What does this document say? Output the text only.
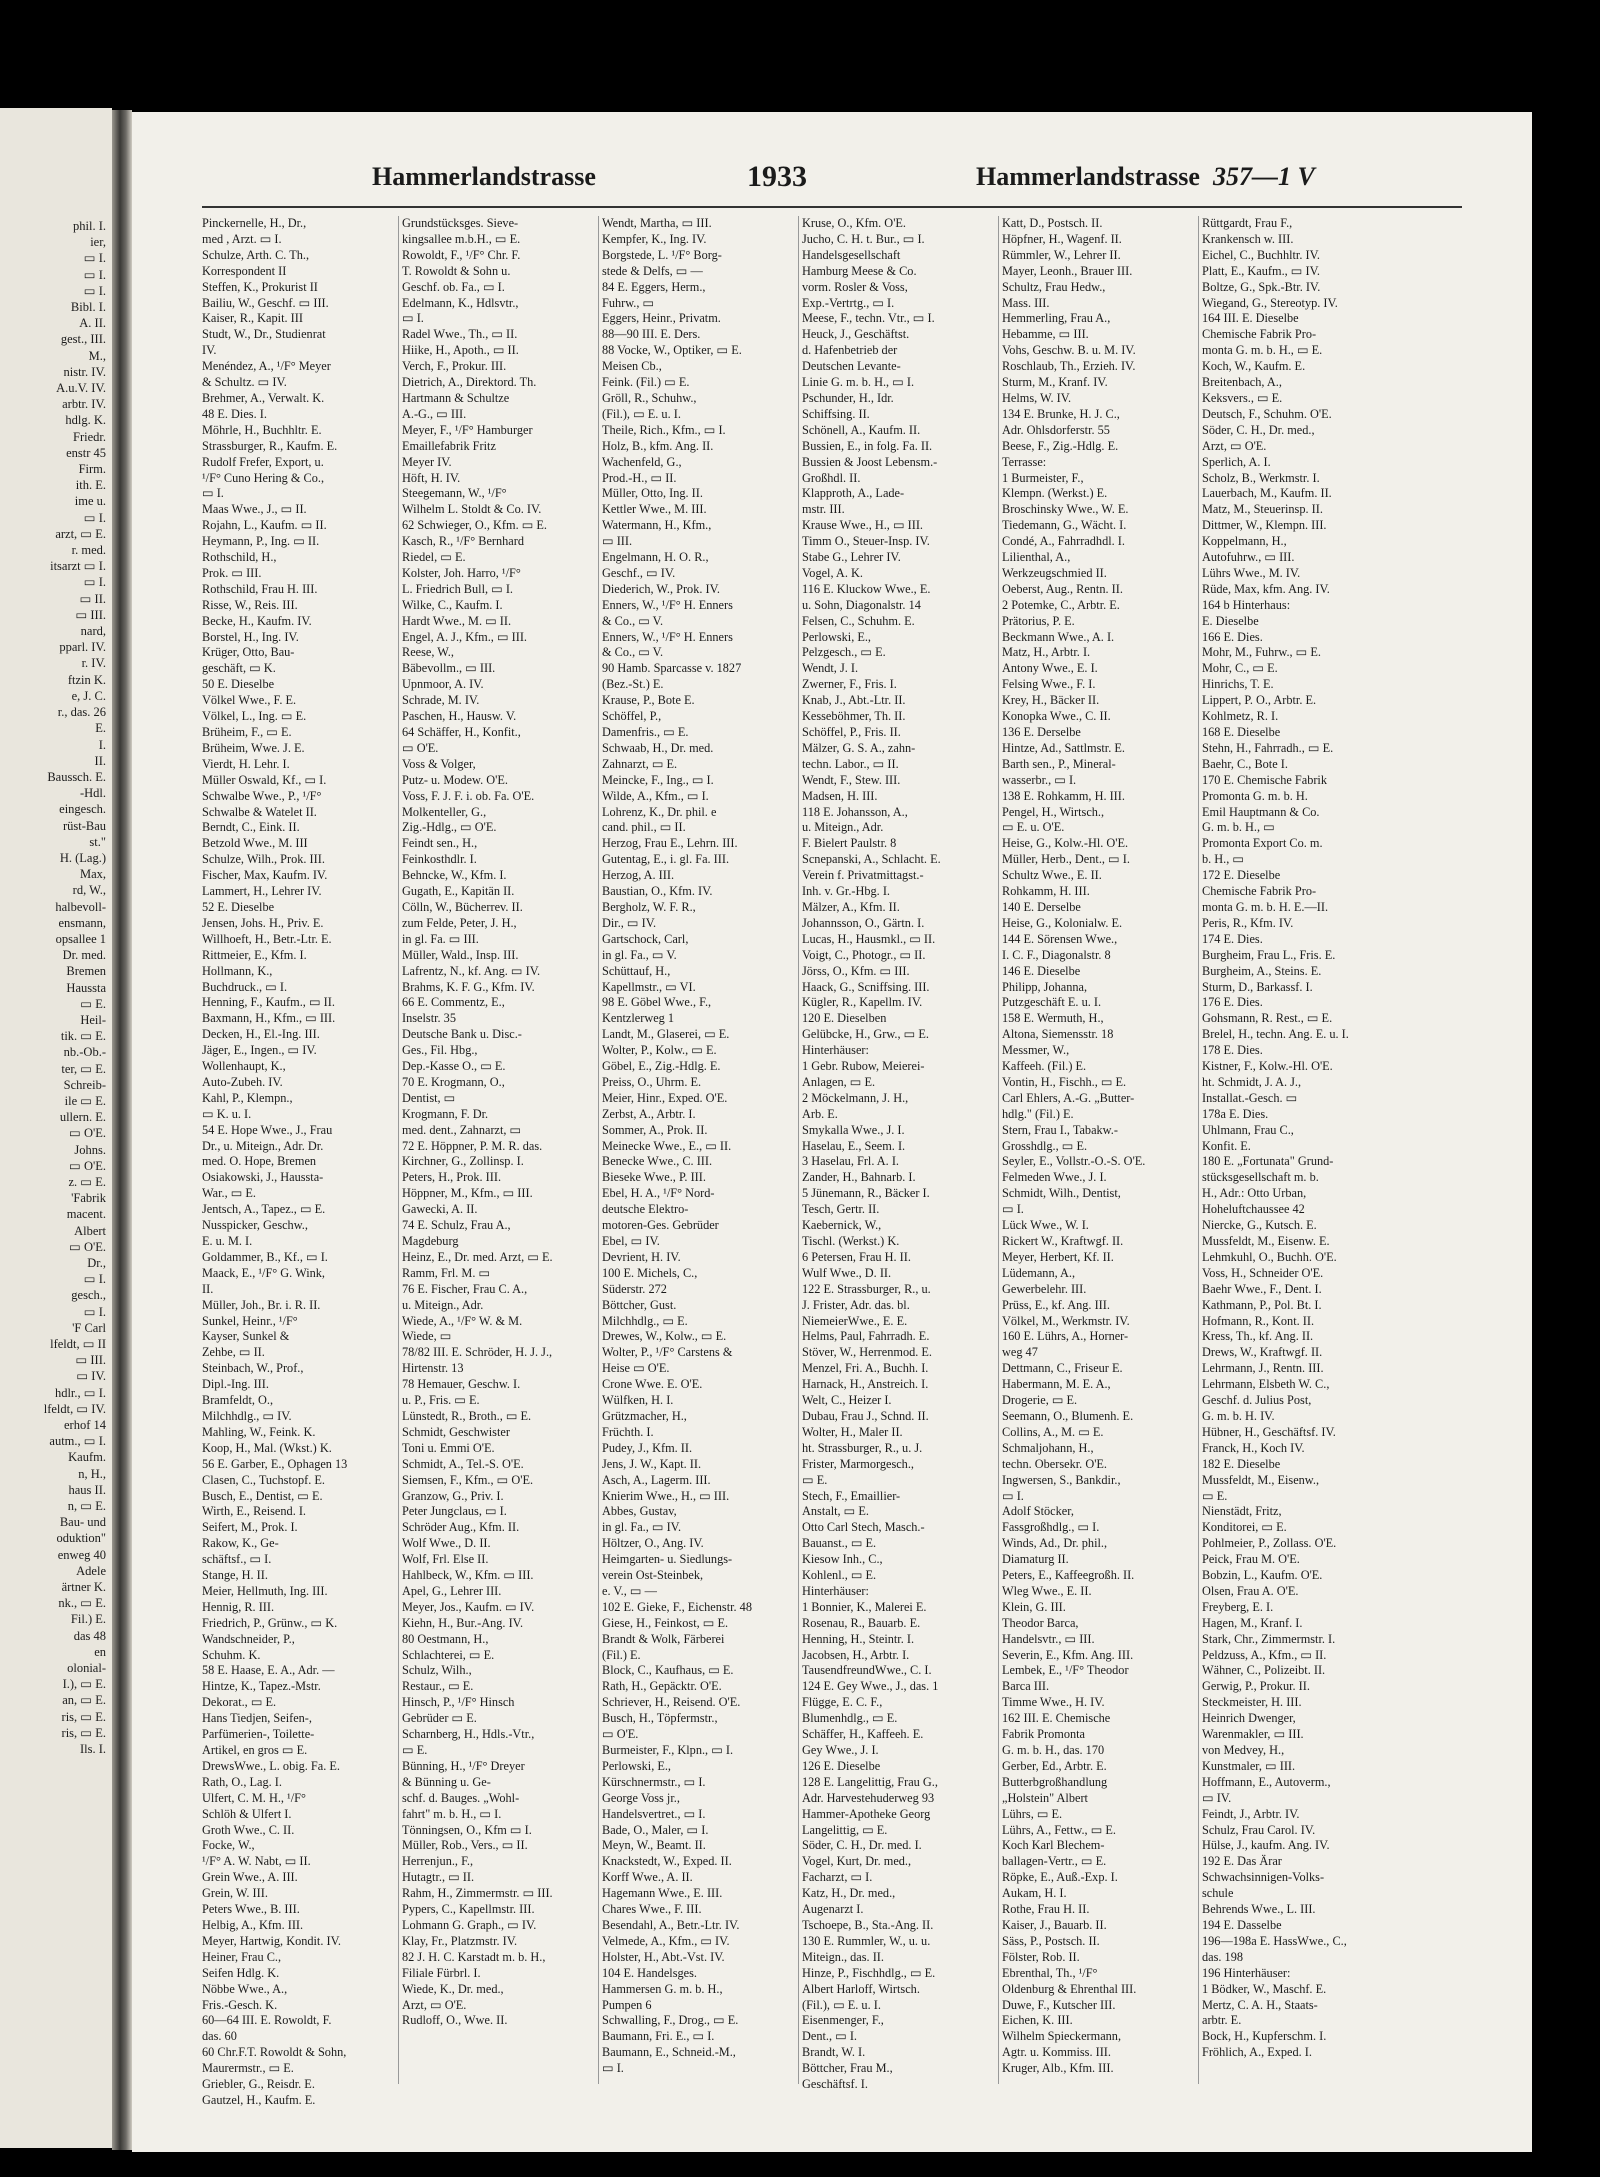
phil. I.
ier,
▭ I.
▭ I.
▭ I.
Bibl. I.
A. II.
gest., III.
M.,
nistr. IV.
A.u.V. IV.
arbtr. IV.
hdlg. K.
Friedr.
enstr 45
Firm.
ith. E.
ime u.
▭ I.
arzt, ▭ E.
r. med.
itsarzt ▭ I.
▭ I.
▭ II.
▭ III.
nard,
pparl. IV.
r. IV.
ftzin K.
e, J. C.
r., das. 26
E.
I.
II.
Baussch. E.
-Hdl.
eingesch.
rüst-Bau
st."
H. (Lag.)
Max,
rd, W.,
halbevoll-
ensmann,
opsallee 1
Dr. med.
Bremen
Haussta
▭ E.
Heil-
tik. ▭ E.
nb.-Ob.-
ter, ▭ E.
Schreib-
ile ▭ E.
ullern. E.
▭ O'E.
Johns.
▭ O'E.
z. ▭ E.
'Fabrik
macent.
Albert
▭ O'E.
Dr.,
▭ I.
gesch.,
▭ I.
'F Carl
lfeldt, ▭ II
▭ III.
▭ IV.
hdlr., ▭ I.
lfeldt, ▭ IV.
erhof 14
autm., ▭ I.
Kaufm.
n, H.,
haus II.
n, ▭ E.
Bau- und
oduktion"
enweg 40
Adele
ärtner K.
nk., ▭ E.
Fil.) E.
das 48
en
olonial-
I.), ▭ E.
an, ▭ E.
ris, ▭ E.
ris, ▭ E.
Ils. I.
Hammerlandstrasse	1933	Hammerlandstrasse 357—1 V
Pinckernelle, H., Dr.,
med , Arzt. ▭ I.
Schulze, Arth. C. Th.,
Korrespondent II
Steffen, K., Prokurist II
Bailiu, W., Geschf. ▭ III.
Kaiser, R., Kapit. III
Studt, W., Dr., Studienrat
IV.
Menéndez, A., ¹/F° Meyer
& Schultz. ▭ IV.
Brehmer, A., Verwalt. K.
48 E. Dies. I.
Möhrle, H., Buchhltr. E.
Strassburger, R., Kaufm. E.
Rudolf Frefer, Export, u.
¹/F° Cuno Hering & Co.,
▭ I.
Maas Wwe., J., ▭ II.
Rojahn, L., Kaufm. ▭ II.
Heymann, P., Ing. ▭ II.
Rothschild, H.,
Prok. ▭ III.
Rothschild, Frau H. III.
Risse, W., Reis. III.
Becke, H., Kaufm. IV.
Borstel, H., Ing. IV.
Krüger, Otto, Bau-
geschäft, ▭ K.
50 E. Dieselbe
Völkel Wwe., F. E.
Völkel, L., Ing. ▭ E.
Brüheim, F., ▭ E.
Brüheim, Wwe. J. E.
Vierdt, H. Lehr. I.
Müller Oswald, Kf., ▭ I.
Schwalbe Wwe., P., ¹/F°
Schwalbe & Watelet II.
Berndt, C., Eink. II.
Betzold Wwe., M. III
Schulze, Wilh., Prok. III.
Fischer, Max, Kaufm. IV.
Lammert, H., Lehrer IV.
52 E. Dieselbe
Jensen, Johs. H., Priv. E.
Willhoeft, H., Betr.-Ltr. E.
Rittmeier, E., Kfm. I.
Hollmann, K.,
Buchdruck., ▭ I.
Henning, F., Kaufm., ▭ II.
Baxmann, H., Kfm., ▭ III.
Decken, H., El.-Ing. III.
Jäger, E., Ingen., ▭ IV.
Wollenhaupt, K.,
Auto-Zubeh. IV.
Kahl, P., Klempn.,
▭ K. u. I.
54 E. Hope Wwe., J., Frau
Dr., u. Miteign., Adr. Dr.
med. O. Hope, Bremen
Osiakowski, J., Haussta-
War., ▭ E.
Jentsch, A., Tapez., ▭ E.
Nusspicker, Geschw.,
E. u. M. I.
Goldammer, B., Kf., ▭ I.
Maack, E., ¹/F° G. Wink,
II.
Müller, Joh., Br. i. R. II.
Sunkel, Heinr., ¹/F°
Kayser, Sunkel &
Zehbe, ▭ II.
Steinbach, W., Prof.,
Dipl.-Ing. III.
Bramfeldt, O.,
Milchhdlg., ▭ IV.
Mahling, W., Feink. K.
Koop, H., Mal. (Wkst.) K.
56 E. Garber, E., Ophagen 13
Clasen, C., Tuchstopf. E.
Busch, E., Dentist, ▭ E.
Wirth, E., Reisend. I.
Seifert, M., Prok. I.
Rakow, K., Ge-
schäftsf., ▭ I.
Stange, H. II.
Meier, Hellmuth, Ing. III.
Hennig, R. III.
Friedrich, P., Grünw., ▭ K.
Wandschneider, P.,
Schuhm. K.
58 E. Haase, E. A., Adr. —
Hintze, K., Tapez.-Mstr.
Dekorat., ▭ E.
Hans Tiedjen, Seifen-,
Parfümerien-, Toilette-
Artikel, en gros ▭ E.
DrewsWwe., L. obig. Fa. E.
Rath, O., Lag. I.
Ulfert, C. M. H., ¹/F°
Schlöh & Ulfert I.
Groth Wwe., C. II.
Focke, W.,
¹/F° A. W. Nabt, ▭ II.
Grein Wwe., A. III.
Grein, W. III.
Peters Wwe., B. III.
Helbig, A., Kfm. III.
Meyer, Hartwig, Kondit. IV.
Heiner, Frau C.,
Seifen Hdlg. K.
Nöbbe Wwe., A.,
Fris.-Gesch. K.
60—64 III. E. Rowoldt, F.
das. 60
60 Chr.F.T. Rowoldt & Sohn,
Maurermstr., ▭ E.
Griebler, G., Reisdr. E.
Gautzel, H., Kaufm. E.
Grundstücksges. Sieve-
kingsallee m.b.H., ▭ E.
Rowoldt, F., ¹/F° Chr. F.
T. Rowoldt & Sohn u.
Geschf. ob. Fa., ▭ I.
Edelmann, K., Hdlsvtr.,
▭ I.
Radel Wwe., Th., ▭ II.
Hiike, H., Apoth., ▭ II.
Verch, F., Prokur. III.
Dietrich, A., Direktord. Th.
Hartmann & Schultze
A.-G., ▭ III.
Meyer, F., ¹/F° Hamburger
Emaillefabrik Fritz
Meyer IV.
Höft, H. IV.
Steegemann, W., ¹/F°
Wilhelm L. Stoldt & Co. IV.
62 Schwieger, O., Kfm. ▭ E.
Kasch, R., ¹/F° Bernhard
Riedel, ▭ E.
Kolster, Joh. Harro, ¹/F°
L. Friedrich Bull, ▭ I.
Wilke, C., Kaufm. I.
Hardt Wwe., M. ▭ II.
Engel, A. J., Kfm., ▭ III.
Reese, W.,
Bäbevollm., ▭ III.
Upnmoor, A. IV.
Schrade, M. IV.
Paschen, H., Hausw. V.
64 Schäffer, H., Konfit.,
▭ O'E.
Voss & Volger,
Putz- u. Modew. O'E.
Voss, F. J. F. i. ob. Fa. O'E.
Molkenteller, G.,
Zig.-Hdlg., ▭ O'E.
Feindt sen., H.,
Feinkosthdlr. I.
Behncke, W., Kfm. I.
Gugath, E., Kapitän II.
Cölln, W., Bücherrev. II.
zum Felde, Peter, J. H.,
in gl. Fa. ▭ III.
Müller, Wald., Insp. III.
Lafrentz, N., kf. Ang. ▭ IV.
Brahms, K. F. G., Kfm. IV.
66 E. Commentz, E.,
Inselstr. 35
Deutsche Bank u. Disc.-
Ges., Fil. Hbg.,
Dep.-Kasse O., ▭ E.
70 E. Krogmann, O.,
Dentist, ▭
Krogmann, F. Dr.
med. dent., Zahnarzt, ▭
72 E. Höppner, P. M. R. das.
Kirchner, G., Zollinsp. I.
Peters, H., Prok. III.
Höppner, M., Kfm., ▭ III.
Gawecki, A. II.
74 E. Schulz, Frau A.,
Magdeburg
Heinz, E., Dr. med. Arzt, ▭ E.
Ramm, Frl. M. ▭
76 E. Fischer, Frau C. A.,
u. Miteign., Adr.
Wiede, A., ¹/F° W. & M.
Wiede, ▭
78/82 III. E. Schröder, H. J. J.,
Hirtenstr. 13
78 Hemauer, Geschw. I.
u. P., Fris. ▭ E.
Lünstedt, R., Broth., ▭ E.
Schmidt, Geschwister
Toni u. Emmi O'E.
Schmidt, A., Tel.-S. O'E.
Siemsen, F., Kfm., ▭ O'E.
Granzow, G., Priv. I.
Peter Jungclaus, ▭ I.
Schröder Aug., Kfm. II.
Wolf Wwe., D. II.
Wolf, Frl. Else II.
Hahlbeck, W., Kfm. ▭ III.
Apel, G., Lehrer III.
Meyer, Jos., Kaufm. ▭ IV.
Kiehn, H., Bur.-Ang. IV.
80 Oestmann, H.,
Schlachterei, ▭ E.
Schulz, Wilh.,
Restaur., ▭ E.
Hinsch, P., ¹/F° Hinsch
Gebrüder ▭ E.
Scharnberg, H., Hdls.-Vtr.,
▭ E.
Bünning, H., ¹/F° Dreyer
& Bünning u. Ge-
schf. d. Bauges. „Wohl-
fahrt" m. b. H., ▭ I.
Tönningsen, O., Kfm ▭ I.
Müller, Rob., Vers., ▭ II.
Herrenjun., F.,
Hutagtr., ▭ II.
Rahm, H., Zimmermstr. ▭ III.
Pypers, C., Kapellmstr. III.
Lohmann G. Graph., ▭ IV.
Klay, Fr., Platzmstr. IV.
82 J. H. C. Karstadt m. b. H.,
Filiale Fürbrl. I.
Wiede, K., Dr. med.,
Arzt, ▭ O'E.
Rudloff, O., Wwe. II.
Wendt, Martha, ▭ III.
Kempfer, K., Ing. IV.
Borgstede, L. ¹/F° Borg-
stede & Delfs, ▭ —
84 E. Eggers, Herm.,
Fuhrw., ▭
Eggers, Heinr., Privatm.
88—90 III. E. Ders.
88 Vocke, W., Optiker, ▭ E.
Meisen Cb.,
Feink. (Fil.) ▭ E.
Gröll, R., Schuhw.,
(Fil.), ▭ E. u. I.
Theile, Rich., Kfm., ▭ I.
Holz, B., kfm. Ang. II.
Wachenfeld, G.,
Prod.-H., ▭ II.
Müller, Otto, Ing. II.
Kettler Wwe., M. III.
Watermann, H., Kfm.,
▭ III.
Engelmann, H. O. R.,
Geschf., ▭ IV.
Diederich, W., Prok. IV.
Enners, W., ¹/F° H. Enners
& Co., ▭ V.
Enners, W., ¹/F° H. Enners
& Co., ▭ V.
90 Hamb. Sparcasse v. 1827
(Bez.-St.) E.
Krause, P., Bote E.
Schöffel, P.,
Damenfris., ▭ E.
Schwaab, H., Dr. med.
Zahnarzt, ▭ E.
Meincke, F., Ing., ▭ I.
Wilde, A., Kfm., ▭ I.
Lohrenz, K., Dr. phil. e
cand. phil., ▭ II.
Herzog, Frau E., Lehrn. III.
Gutentag, E., i. gl. Fa. III.
Herzog, A. III.
Baustian, O., Kfm. IV.
Bergholz, W. F. R.,
Dir., ▭ IV.
Gartschock, Carl,
in gl. Fa., ▭ V.
Schüttauf, H.,
Kapellmstr., ▭ VI.
98 E. Göbel Wwe., F.,
Kentzlerweg 1
Landt, M., Glaserei, ▭ E.
Wolter, P., Kolw., ▭ E.
Göbel, E., Zig.-Hdlg. E.
Preiss, O., Uhrm. E.
Meier, Hinr., Exped. O'E.
Zerbst, A., Arbtr. I.
Sommer, A., Prok. II.
Meinecke Wwe., E., ▭ II.
Benecke Wwe., C. III.
Bieseke Wwe., P. III.
Ebel, H. A., ¹/F° Nord-
deutsche Elektro-
motoren-Ges. Gebrüder
Ebel, ▭ IV.
Devrient, H. IV.
100 E. Michels, C.,
Süderstr. 272
Böttcher, Gust.
Milchhdlg., ▭ E.
Drewes, W., Kolw., ▭ E.
Wolter, P., ¹/F° Carstens &
Heise ▭ O'E.
Crone Wwe. E. O'E.
Wülfken, H. I.
Grützmacher, H.,
Früchth. I.
Pudey, J., Kfm. II.
Jens, J. W., Kapt. II.
Asch, A., Lagerm. III.
Knierim Wwe., H., ▭ III.
Abbes, Gustav,
in gl. Fa., ▭ IV.
Höltzer, O., Ang. IV.
Heimgarten- u. Siedlungs-
verein Ost-Steinbek,
e. V., ▭ —
102 E. Gieke, F., Eichenstr. 48
Giese, H., Feinkost, ▭ E.
Brandt & Wolk, Färberei
(Fil.) E.
Block, C., Kaufhaus, ▭ E.
Rath, H., Gepäcktr. O'E.
Schriever, H., Reisend. O'E.
Busch, H., Töpfermstr.,
▭ O'E.
Burmeister, F., Klpn., ▭ I.
Perlowski, E.,
Kürschnermstr., ▭ I.
George Voss jr.,
Handelsvertret., ▭ I.
Bade, O., Maler, ▭ I.
Meyn, W., Beamt. II.
Knackstedt, W., Exped. II.
Korff Wwe., A. II.
Hagemann Wwe., E. III.
Chares Wwe., F. III.
Besendahl, A., Betr.-Ltr. IV.
Velmede, A., Kfm., ▭ IV.
Holster, H., Abt.-Vst. IV.
104 E. Handelsges.
Hammersen G. m. b. H.,
Pumpen 6
Schwalling, F., Drog., ▭ E.
Baumann, Fri. E., ▭ I.
Baumann, E., Schneid.-M.,
▭ I.
Kruse, O., Kfm. O'E.
Jucho, C. H. t. Bur., ▭ I.
Handelsgesellschaft
Hamburg Meese & Co.
vorm. Rosler & Voss,
Exp.-Vertrtg., ▭ I.
Meese, F., techn. Vtr., ▭ I.
Heuck, J., Geschäftst.
d. Hafenbetrieb der
Deutschen Levante-
Linie G. m. b. H., ▭ I.
Pschunder, H., Idr.
Schiffsing. II.
Schönell, A., Kaufm. II.
Bussien, E., in folg. Fa. II.
Bussien & Joost Lebensm.-
Großhdl. II.
Klapproth, A., Lade-
mstr. III.
Krause Wwe., H., ▭ III.
Timm O., Steuer-Insp. IV.
Stabe G., Lehrer IV.
Vogel, A. K.
116 E. Kluckow Wwe., E.
u. Sohn, Diagonalstr. 14
Felsen, C., Schuhm. E.
Perlowski, E.,
Pelzgesch., ▭ E.
Wendt, J. I.
Zwerner, F., Fris. I.
Knab, J., Abt.-Ltr. II.
Kesseböhmer, Th. II.
Schöffel, P., Fris. II.
Mälzer, G. S. A., zahn-
techn. Labor., ▭ II.
Wendt, F., Stew. III.
Madsen, H. III.
118 E. Johansson, A.,
u. Miteign., Adr.
F. Bielert Paulstr. 8
Scnepanski, A., Schlacht. E.
Verein f. Privatmittagst.-
Inh. v. Gr.-Hbg. I.
Mälzer, A., Kfm. II.
Johannsson, O., Gärtn. I.
Lucas, H., Hausmkl., ▭ II.
Voigt, C., Photogr., ▭ II.
Jörss, O., Kfm. ▭ III.
Haack, G., Scniffsing. III.
Kügler, R., Kapellm. IV.
120 E. Dieselben
Gelübcke, H., Grw., ▭ E.
Hinterhäuser:
1 Gebr. Rubow, Meierei-
Anlagen, ▭ E.
2 Möckelmann, J. H.,
Arb. E.
Smykalla Wwe., J. I.
Haselau, E., Seem. I.
3 Haselau, Frl. A. I.
Zander, H., Bahnarb. I.
5 Jünemann, R., Bäcker I.
Tesch, Gertr. II.
Kaebernick, W.,
Tischl. (Werkst.) K.
6 Petersen, Frau H. II.
Wulf Wwe., D. II.
122 E. Strassburger, R., u.
J. Frister, Adr. das. bl.
NiemeierWwe., E. E.
Helms, Paul, Fahrradh. E.
Stöver, W., Herrenmod. E.
Menzel, Fri. A., Buchh. I.
Harnack, H., Anstreich. I.
Welt, C., Heizer I.
Dubau, Frau J., Schnd. II.
Wolter, H., Maler II.
ht. Strassburger, R., u. J.
Frister, Marmorgesch.,
▭ E.
Stech, F., Emaillier-
Anstalt, ▭ E.
Otto Carl Stech, Masch.-
Bauanst., ▭ E.
Kiesow Inh., C.,
Kohlenl., ▭ E.
Hinterhäuser:
1 Bonnier, K., Malerei E.
Rosenau, R., Bauarb. E.
Henning, H., Steintr. I.
Jacobsen, H., Arbtr. I.
TausendfreundWwe., C. I.
124 E. Gey Wwe., J., das. 1
Flügge, E. C. F.,
Blumenhdlg., ▭ E.
Schäffer, H., Kaffeeh. E.
Gey Wwe., J. I.
126 E. Dieselbe
128 E. Langelittig, Frau G.,
Adr. Harvestehuderweg 93
Hammer-Apotheke Georg
Langelittig, ▭ E.
Söder, C. H., Dr. med. I.
Vogel, Kurt, Dr. med.,
Facharzt, ▭ I.
Katz, H., Dr. med.,
Augenarzt I.
Tschoepe, B., Sta.-Ang. II.
130 E. Rummler, W., u. u.
Miteign., das. II.
Hinze, P., Fischhdlg., ▭ E.
Albert Harloff, Wirtsch.
(Fil.), ▭ E. u. I.
Eisenmenger, F.,
Dent., ▭ I.
Brandt, W. I.
Böttcher, Frau M.,
Geschäftsf. I.
Katt, D., Postsch. II.
Höpfner, H., Wagenf. II.
Rümmler, W., Lehrer II.
Mayer, Leonh., Brauer III.
Schultz, Frau Hedw.,
Mass. III.
Hemmerling, Frau A.,
Hebamme, ▭ III.
Vohs, Geschw. B. u. M. IV.
Roschlaub, Th., Erzieh. IV.
Sturm, M., Kranf. IV.
Helms, W. IV.
134 E. Brunke, H. J. C.,
Adr. Ohlsdorferstr. 55
Beese, F., Zig.-Hdlg. E.
Terrasse:
1 Burmeister, F.,
Klempn. (Werkst.) E.
Broschinsky Wwe., W. E.
Tiedemann, G., Wächt. I.
Condé, A., Fahrradhdl. I.
Lilienthal, A.,
Werkzeugschmied II.
Oeberst, Aug., Rentn. II.
2 Potemke, C., Arbtr. E.
Prätorius, P. E.
Beckmann Wwe., A. I.
Matz, H., Arbtr. I.
Antony Wwe., E. I.
Felsing Wwe., F. I.
Krey, H., Bäcker II.
Konopka Wwe., C. II.
136 E. Derselbe
Hintze, Ad., Sattlmstr. E.
Barth sen., P., Mineral-
wasserbr., ▭ I.
138 E. Rohkamm, H. III.
Pengel, H., Wirtsch.,
▭ E. u. O'E.
Heise, G., Kolw.-Hl. O'E.
Müller, Herb., Dent., ▭ I.
Schultz Wwe., E. II.
Rohkamm, H. III.
140 E. Derselbe
Heise, G., Kolonialw. E.
144 E. Sörensen Wwe.,
I. C. F., Diagonalstr. 8
146 E. Dieselbe
Philipp, Johanna,
Putzgeschäft E. u. I.
158 E. Wermuth, H.,
Altona, Siemensstr. 18
Messmer, W.,
Kaffeeh. (Fil.) E.
Vontin, H., Fischh., ▭ E.
Carl Ehlers, A.-G. „Butter-
hdlg." (Fil.) E.
Stern, Frau I., Tabakw.-
Grosshdlg., ▭ E.
Seyler, E., Vollstr.-O.-S. O'E.
Felmeden Wwe., J. I.
Schmidt, Wilh., Dentist,
▭ I.
Lück Wwe., W. I.
Rickert W., Kraftwgf. II.
Meyer, Herbert, Kf. II.
Lüdemann, A.,
Gewerbelehr. III.
Prüss, E., kf. Ang. III.
Völkel, M., Werkmstr. IV.
160 E. Lührs, A., Horner-
weg 47
Dettmann, C., Friseur E.
Habermann, M. E. A.,
Drogerie, ▭ E.
Seemann, O., Blumenh. E.
Collins, A., M. ▭ E.
Schmaljohann, H.,
techn. Obersekr. O'E.
Ingwersen, S., Bankdir.,
▭ I.
Adolf Stöcker,
Fassgroßhdlg., ▭ I.
Winds, Ad., Dr. phil.,
Diamaturg II.
Peters, E., Kaffeegroßh. II.
Wleg Wwe., E. II.
Klein, G. III.
Theodor Barca,
Handelsvtr., ▭ III.
Severin, E., Kfm. Ang. III.
Lembek, E., ¹/F° Theodor
Barca III.
Timme Wwe., H. IV.
162 III. E. Chemische
Fabrik Promonta
G. m. b. H., das. 170
Gerber, Ed., Arbtr. E.
Butterbgroßhandlung
„Holstein" Albert
Lührs, ▭ E.
Lührs, A., Fettw., ▭ E.
Koch Karl Blechem-
ballagen-Vertr., ▭ E.
Röpke, E., Auß.-Exp. I.
Aukam, H. I.
Rothe, Frau H. II.
Kaiser, J., Bauarb. II.
Säss, P., Postsch. II.
Fölster, Rob. II.
Ebrenthal, Th., ¹/F°
Oldenburg & Ehrenthal III.
Duwe, F., Kutscher III.
Eichen, K. III.
Wilhelm Spieckermann,
Agtr. u. Kommiss. III.
Kruger, Alb., Kfm. III.
Rüttgardt, Frau F.,
Krankensch w. III.
Eichel, C., Buchhltr. IV.
Platt, E., Kaufm., ▭ IV.
Boltze, G., Spk.-Btr. IV.
Wiegand, G., Stereotyp. IV.
164 III. E. Dieselbe
Chemische Fabrik Pro-
monta G. m. b. H., ▭ E.
Koch, W., Kaufm. E.
Breitenbach, A.,
Keksvers., ▭ E.
Deutsch, F., Schuhm. O'E.
Söder, C. H., Dr. med.,
Arzt, ▭ O'E.
Sperlich, A. I.
Scholz, B., Werkmstr. I.
Lauerbach, M., Kaufm. II.
Matz, M., Steuerinsp. II.
Dittmer, W., Klempn. III.
Koppelmann, H.,
Autofuhrw., ▭ III.
Lührs Wwe., M. IV.
Rüde, Max, kfm. Ang. IV.
164 b Hinterhaus:
E. Dieselbe
166 E. Dies.
Mohr, M., Fuhrw., ▭ E.
Mohr, C., ▭ E.
Hinrichs, T. E.
Lippert, P. O., Arbtr. E.
Kohlmetz, R. I.
168 E. Dieselbe
Stehn, H., Fahrradh., ▭ E.
Baehr, C., Bote I.
170 E. Chemische Fabrik
Promonta G. m. b. H.
Emil Hauptmann & Co.
G. m. b. H., ▭
Promonta Export Co. m.
b. H., ▭
172 E. Dieselbe
Chemische Fabrik Pro-
monta G. m. b. H. E.—II.
Peris, R., Kfm. IV.
174 E. Dies.
Burgheim, Frau L., Fris. E.
Burgheim, A., Steins. E.
Sturm, D., Barkassf. I.
176 E. Dies.
Gohsmann, R. Rest., ▭ E.
Brelel, H., techn. Ang. E. u. I.
178 E. Dies.
Kistner, F., Kolw.-Hl. O'E.
ht. Schmidt, J. A. J.,
Installat.-Gesch. ▭
178a E. Dies.
Uhlmann, Frau C.,
Konfit. E.
180 E. „Fortunata" Grund-
stücksgesellschaft m. b.
H., Adr.: Otto Urban,
Hoheluftchaussee 42
Niercke, G., Kutsch. E.
Mussfeldt, M., Eisenw. E.
Lehmkuhl, O., Buchh. O'E.
Voss, H., Schneider O'E.
Baehr Wwe., F., Dent. I.
Kathmann, P., Pol. Bt. I.
Hofmann, R., Kont. II.
Kress, Th., kf. Ang. II.
Drews, W., Kraftwgf. II.
Lehrmann, J., Rentn. III.
Lehrmann, Elsbeth W. C.,
Geschf. d. Julius Post,
G. m. b. H. IV.
Hübner, H., Geschäftsf. IV.
Franck, H., Koch IV.
182 E. Dieselbe
Mussfeldt, M., Eisenw.,
▭ E.
Nienstädt, Fritz,
Konditorei, ▭ E.
Pohlmeier, P., Zollass. O'E.
Peick, Frau M. O'E.
Bobzin, L., Kaufm. O'E.
Olsen, Frau A. O'E.
Freyberg, E. I.
Hagen, M., Kranf. I.
Stark, Chr., Zimmermstr. I.
Peldzuss, A., Kfm., ▭ II.
Wähner, C., Polizeibt. II.
Gerwig, P., Prokur. II.
Steckmeister, H. III.
Heinrich Dwenger,
Warenmakler, ▭ III.
von Medvey, H.,
Kunstmaler, ▭ III.
Hoffmann, E., Autoverm.,
▭ IV.
Feindt, J., Arbtr. IV.
Schulz, Frau Carol. IV.
Hülse, J., kaufm. Ang. IV.
192 E. Das Ärar
Schwachsinnigen-Volks-
schule
Behrends Wwe., L. III.
194 E. Dasselbe
196—198a E. HassWwe., C.,
das. 198
196 Hinterhäuser:
1 Bödker, W., Maschf. E.
Mertz, C. A. H., Staats-
arbtr. E.
Bock, H., Kupferschm. I.
Fröhlich, A., Exped. I.
